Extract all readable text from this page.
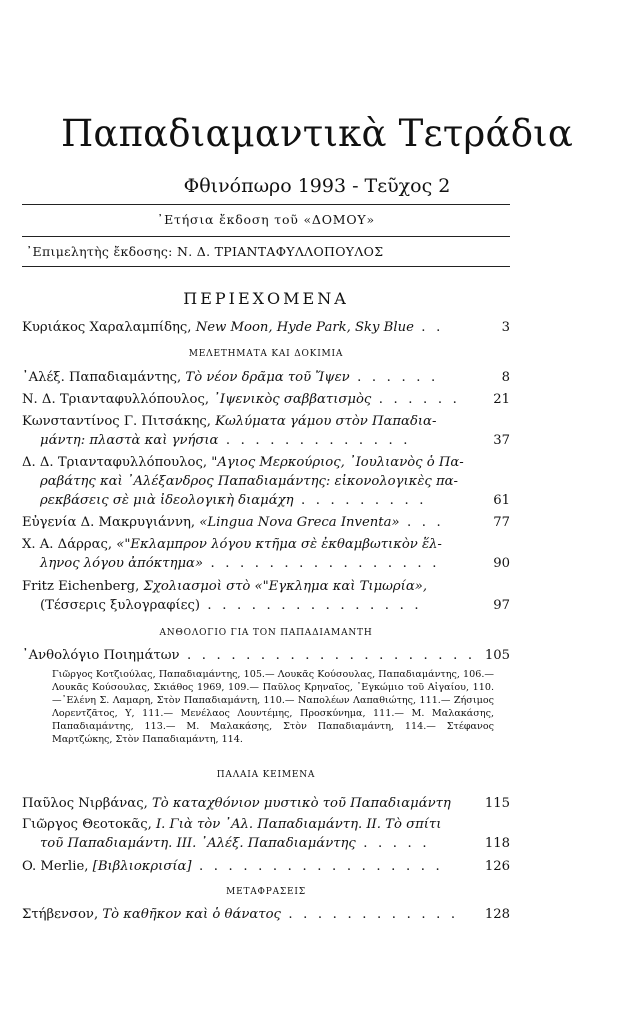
Παπαδιαμαντικὰ Τετράδια
Φθινόπωρο 1993 - Τεῦχος 2
᾿Ετήσια ἔκδοση τοῦ «ΔΟΜΟΥ»
᾿Επιμελητὴς ἔκδοσης: Ν. Δ. ΤΡΙΑΝΤΑΦΥΛΛΟΠΟΥΛΟΣ
ΠΕΡΙΕΧΟΜΕΝΑ
Κυριάκος Χαραλαμπίδης, New Moon, Hyde Park, Sky Blue . .	3
ΜΕΛΕΤΗΜΑΤΑ ΚΑΙ ΔΟΚΙΜΙΑ
᾿Αλέξ. Παπαδιαμάντης, Τὸ νέον δρᾶμα τοῦ Ἴψεν . . . . . .	8
Ν. Δ. Τριανταφυλλόπουλος, ᾿Ιψενικὸς σαββατισμὸς . . . . . .	21
Κωνσταντίνος Γ. Πιτσάκης, Κωλύματα γάμου στὸν Παπαδια-
μάντη: πλαστὰ καὶ γνήσια . . . . . . . . . . . . .	37
Δ. Δ. Τριανταφυλλόπουλος, "Αγιος Μερκούριος, ᾿Ιουλιανὸς ὁ Πα-
ραβάτης καὶ ᾿Αλέξανδρος Παπαδιαμάντης: εἰκονολογικὲς πα-
ρεκβάσεις σὲ μιὰ ἰδεολογικὴ διαμάχη . . . . . . . . .	61
Εὐγενία Δ. Μακρυγιάννη, «Lingua Nova Greca Inventa» . . .	77
Χ. Α. Δάρρας, «"Εκλαμπρον λόγου κτῆμα σὲ ἐκθαμβωτικὸν ἕλ-
ληνος λόγου ἀπόκτημα» . . . . . . . . . . . . . . . .	90
Fritz Eichenberg, Σχολιασμοὶ στὸ «"Εγκλημα καὶ Τιμωρία»,
(Τέσσερις ξυλογραφίες) . . . . . . . . . . . . . . .	97
ΑΝΘΟΛΟΓΙΟ ΓΙΑ ΤΟΝ ΠΑΠΑΔΙΑΜΑΝΤΗ
᾿Ανθολόγιο Ποιημάτων . . . . . . . . . . . . . . . . . . . . 105
Γιῶργος Κοτζιούλας, Παπαδιαμάντης, 105.— Λουκᾶς Κούσουλας, Παπαδιαμάντης, 106.— Λουκᾶς Κούσουλας, Σκιάθος 1969, 109.— Παῦλος Κρηναῖος, ᾿Εγκώμιο τοῦ Αἰγαίου, 110.—᾿Ελένη Σ. Λαμαρη, Στὸν Παπαδιαμάντη, 110.— Ναπολέων Λαπαθιώτης, 111.— Ζήσιμος Λορεντζᾶτος, Υ, 111.— Μενέλαος Λουντέμης, Προσκύνημα, 111.— Μ. Μαλακάσης, Παπαδιαμάντης, 113.— Μ. Μαλακάσης, Στὸν Παπαδιαμάντη, 114.— Στέφανος Μαρτζώκης, Στὸν Παπαδιαμάντη, 114.
ΠΑΛΑΙΑ ΚΕΙΜΕΝΑ
Παῦλος Νιρβάνας, Τὸ καταχθόνιον μυστικὸ τοῦ Παπαδιαμάντη	115
Γιῶργος Θεοτοκᾶς, Ι. Γιὰ τὸν ᾿Αλ. Παπαδιαμάντη. ΙΙ. Τὸ σπίτι
τοῦ Παπαδιαμάντη. ΙΙΙ. ᾿Αλέξ. Παπαδιαμάντης . . . . .	118
O. Merlie, [Βιβλιοκρισία] . . . . . . . . . . . . . . . . .	126
ΜΕΤΑΦΡΑΣΕΙΣ
Στήβενσον, Τὸ καθῆκον καὶ ὁ θάνατος . . . . . . . . . . . .	128
